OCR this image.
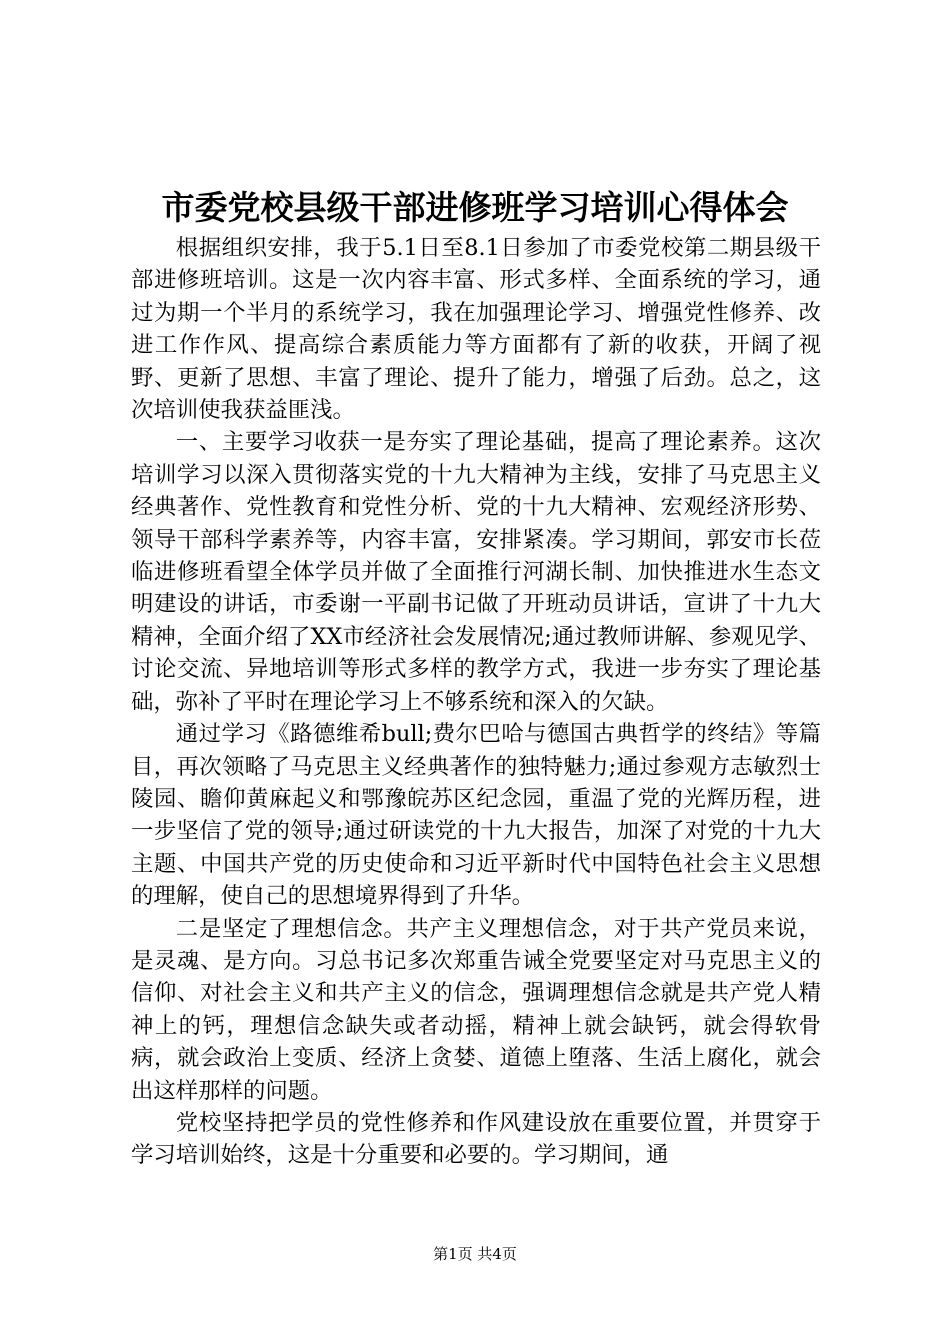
市委党校县级干部进修班学习培训心得体会

根据组织安排，我于5.1日至8.1日参加了市委党校第二期县级干部进修班培训。这是一次内容丰富、形式多样、全面系统的学习，通过为期一个半月的系统学习，我在加强理论学习、增强党性修养、改进工作作风、提高综合素质能力等方面都有了新的收获，开阔了视野、更新了思想、丰富了理论、提升了能力，增强了后劲。总之，这次培训使我获益匪浅。

一、主要学习收获一是夯实了理论基础，提高了理论素养。这次培训学习以深入贯彻落实党的十九大精神为主线，安排了马克思主义经典著作、党性教育和党性分析、党的十九大精神、宏观经济形势、领导干部科学素养等，内容丰富，安排紧凑。学习期间，郭安市长莅临进修班看望全体学员并做了全面推行河湖长制、加快推进水生态文明建设的讲话，市委谢一平副书记做了开班动员讲话，宣讲了十九大精神，全面介绍了XX市经济社会发展情况;通过教师讲解、参观见学、讨论交流、异地培训等形式多样的教学方式，我进一步夯实了理论基础，弥补了平时在理论学习上不够系统和深入的欠缺。

通过学习《路德维希bull;费尔巴哈与德国古典哲学的终结》等篇目，再次领略了马克思主义经典著作的独特魅力;通过参观方志敏烈士陵园、瞻仰黄麻起义和鄂豫皖苏区纪念园，重温了党的光辉历程，进一步坚信了党的领导;通过研读党的十九大报告，加深了对党的十九大主题、中国共产党的历史使命和习近平新时代中国特色社会主义思想的理解，使自己的思想境界得到了升华。

二是坚定了理想信念。共产主义理想信念，对于共产党员来说，是灵魂、是方向。习总书记多次郑重告诫全党要坚定对马克思主义的信仰、对社会主义和共产主义的信念，强调理想信念就是共产党人精神上的钙，理想信念缺失或者动摇，精神上就会缺钙，就会得软骨病，就会政治上变质、经济上贪婪、道德上堕落、生活上腐化，就会出这样那样的问题。

党校坚持把学员的党性修养和作风建设放在重要位置，并贯穿于学习培训始终，这是十分重要和必要的。学习期间，通

第1页 共4页
